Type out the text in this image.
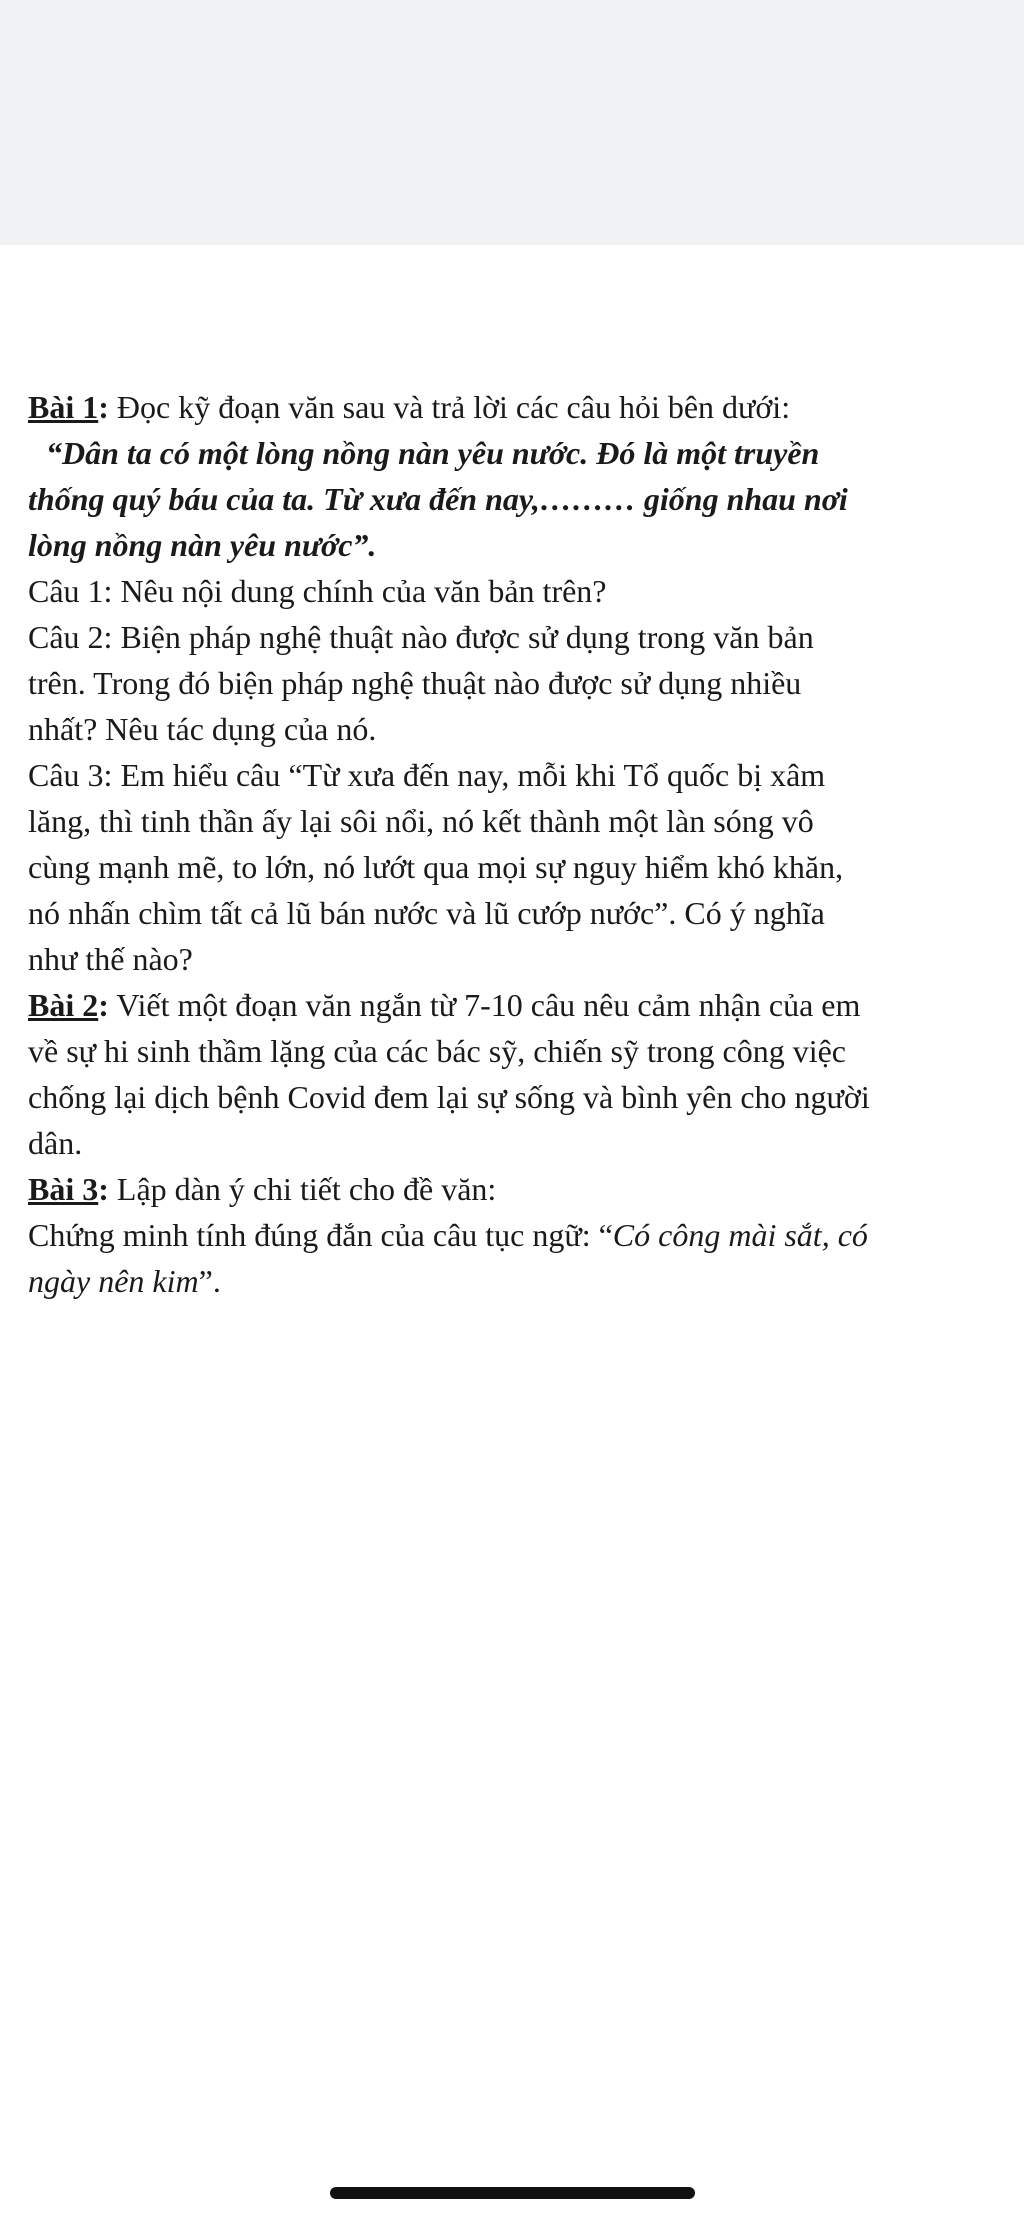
Bài 1: Đọc kỹ đoạn văn sau và trả lời các câu hỏi bên dưới:
“Dân ta có một lòng nồng nàn yêu nước. Đó là một truyền
thống quý báu của ta. Từ xưa đến nay,……… giống nhau nơi
lòng nồng nàn yêu nước”.
Câu 1: Nêu nội dung chính của văn bản trên?
Câu 2: Biện pháp nghệ thuật nào được sử dụng trong văn bản
trên. Trong đó biện pháp nghệ thuật nào được sử dụng nhiều
nhất? Nêu tác dụng của nó.
Câu 3: Em hiểu câu “Từ xưa đến nay, mỗi khi Tổ quốc bị xâm
lăng, thì tinh thần ấy lại sôi nổi, nó kết thành một làn sóng vô
cùng mạnh mẽ, to lớn, nó lướt qua mọi sự nguy hiểm khó khăn,
nó nhấn chìm tất cả lũ bán nước và lũ cướp nước”. Có ý nghĩa
như thế nào?
Bài 2: Viết một đoạn văn ngắn từ 7-10 câu nêu cảm nhận của em
về sự hi sinh thầm lặng của các bác sỹ, chiến sỹ trong công việc
chống lại dịch bệnh Covid đem lại sự sống và bình yên cho người
dân.
Bài 3: Lập dàn ý chi tiết cho đề văn:
Chứng minh tính đúng đắn của câu tục ngữ: “Có công mài sắt, có
ngày nên kim”.
